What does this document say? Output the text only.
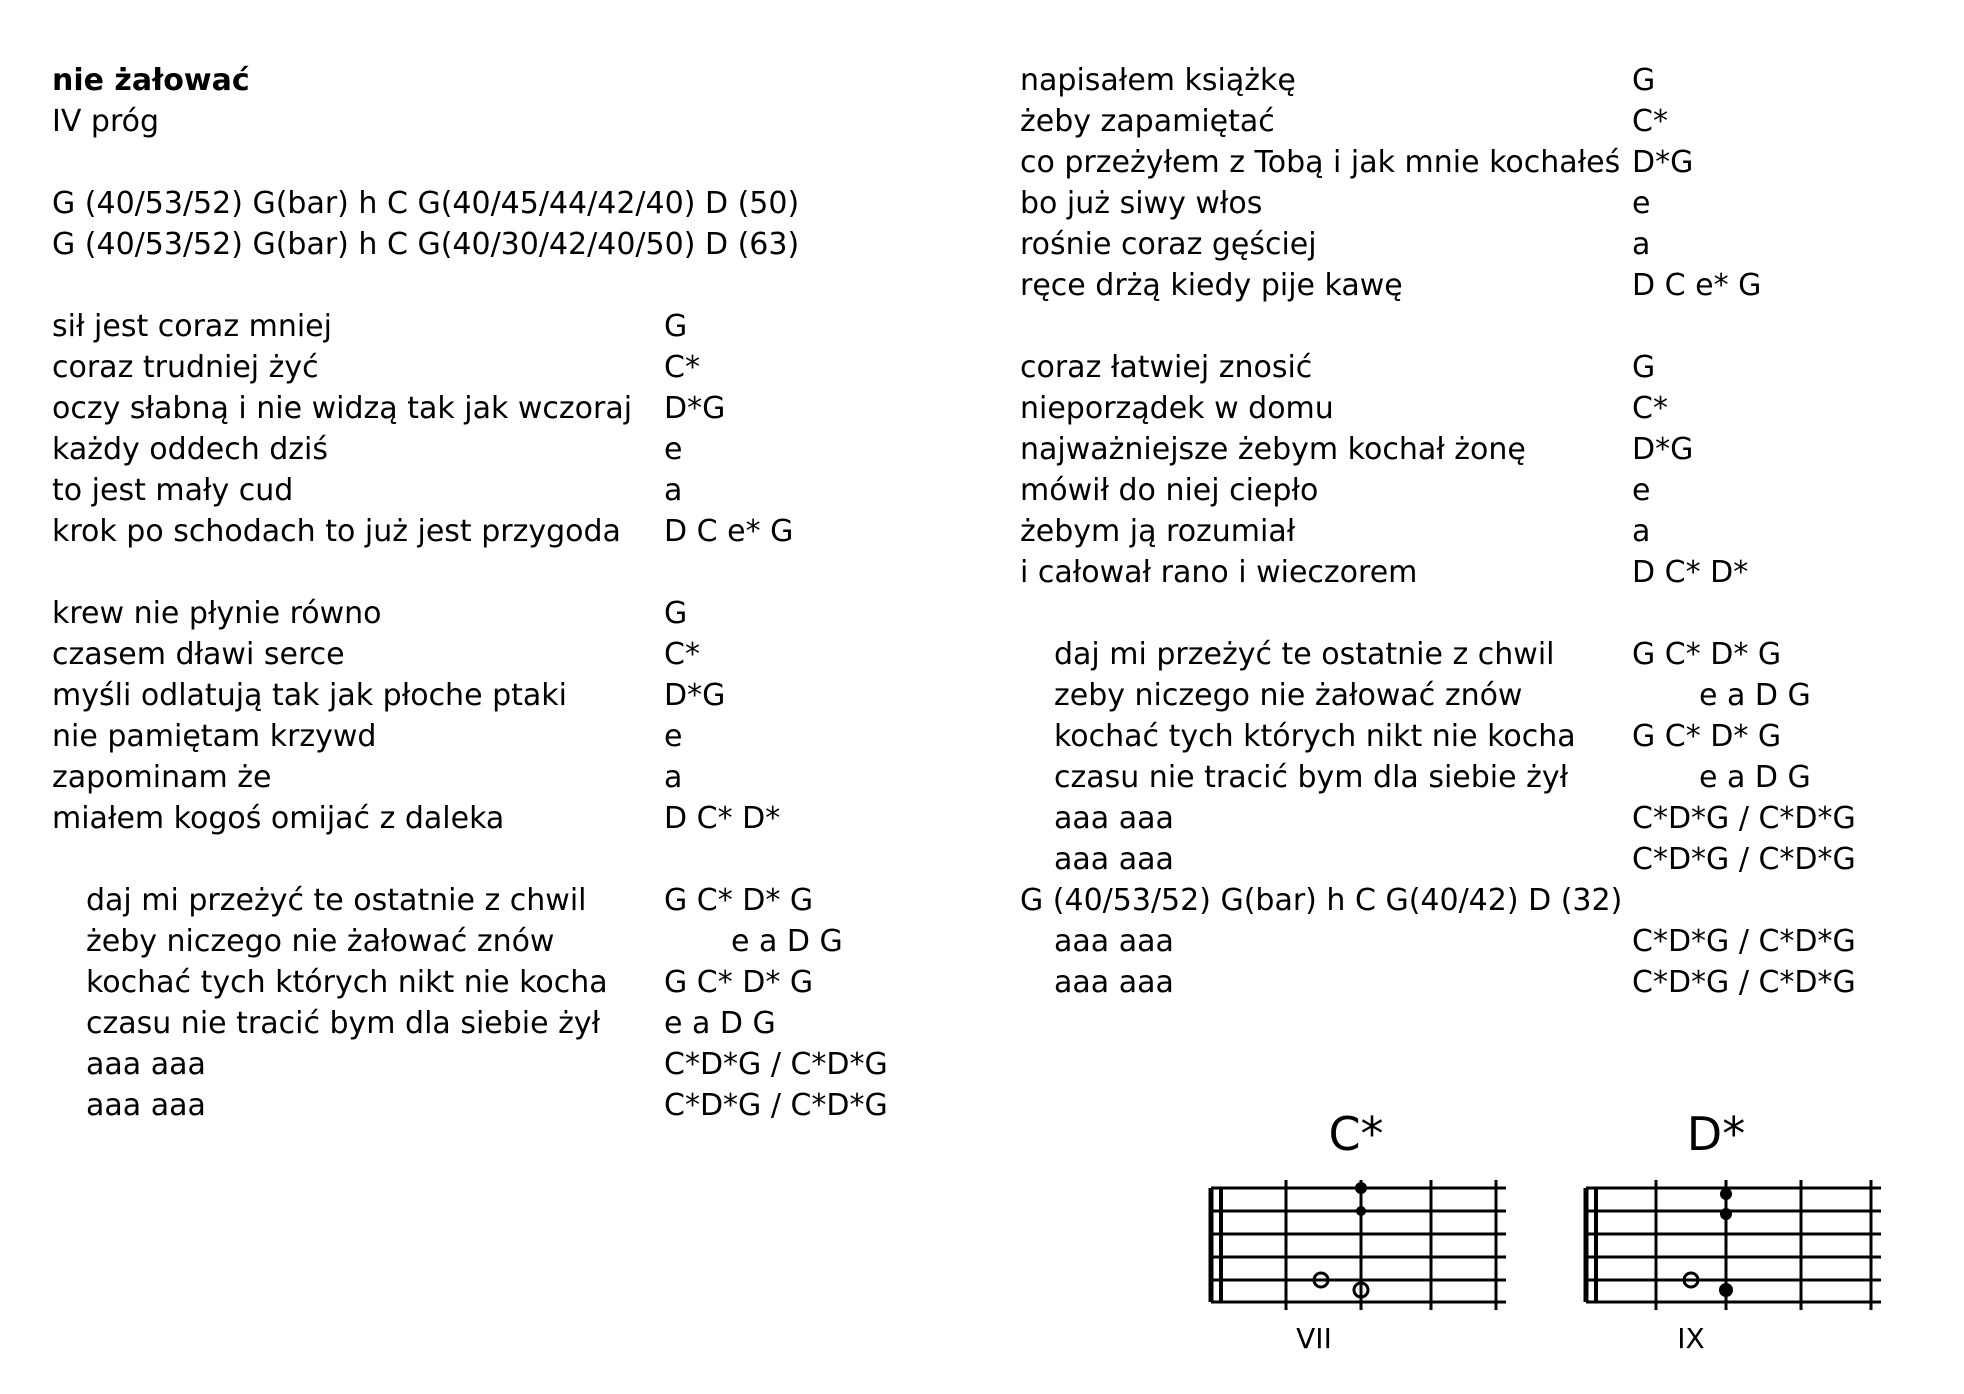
nie żałować
IV próg
G (40/53/52) G(bar) h C G(40/45/44/42/40) D (50)
G (40/53/52) G(bar) h C G(40/30/42/40/50) D (63)
sił jest coraz mniej	G
coraz trudniej żyć	C*
oczy słabną i nie widzą tak jak wczoraj D*G
każdy oddech dziś	e
to jest mały cud	a
krok po schodach to już jest przygoda D C e* G
krew nie płynie równo	G
czasem dławi serce	C*
myśli odlatują tak jak płoche ptaki	D*G
nie pamiętam krzywd	e
zapominam że	a
miałem kogoś omijać z daleka	D C* D*
daj mi przeżyć te ostatnie z chwil	G C* D* G
żeby niczego nie żałować znów	e a D G
kochać tych których nikt nie kocha G C* D* G
czasu nie tracić bym dla siebie żył e a D G
aaa aaa	C*D*G / C*D*G
aaa aaa	C*D*G / C*D*G
napisałem książkę	G
żeby zapamiętać	C*
co przeżyłem z Tobą i jak mnie kochałeś D*G
bo już siwy włos	e
rośnie coraz gęściej	a
ręce drżą kiedy pije kawę	D C e* G
coraz łatwiej znosić	G
nieporządek w domu	C*
najważniejsze żebym kochał żonę	D*G
mówił do niej ciepło	e
żebym ją rozumiał	a
i całował rano i wieczorem	D C* D*
daj mi przeżyć te ostatnie z chwil	G C* D* G
zeby niczego nie żałować znów	e a D G
kochać tych których nikt nie kocha G C* D* G
czasu nie tracić bym dla siebie żył	e a D G
aaa aaa	C*D*G / C*D*G
aaa aaa	C*D*G / C*D*G
G (40/53/52) G(bar) h C G(40/42) D (32)
aaa aaa	C*D*G / C*D*G
aaa aaa	C*D*G / C*D*G
C*
VII
D*
IX
